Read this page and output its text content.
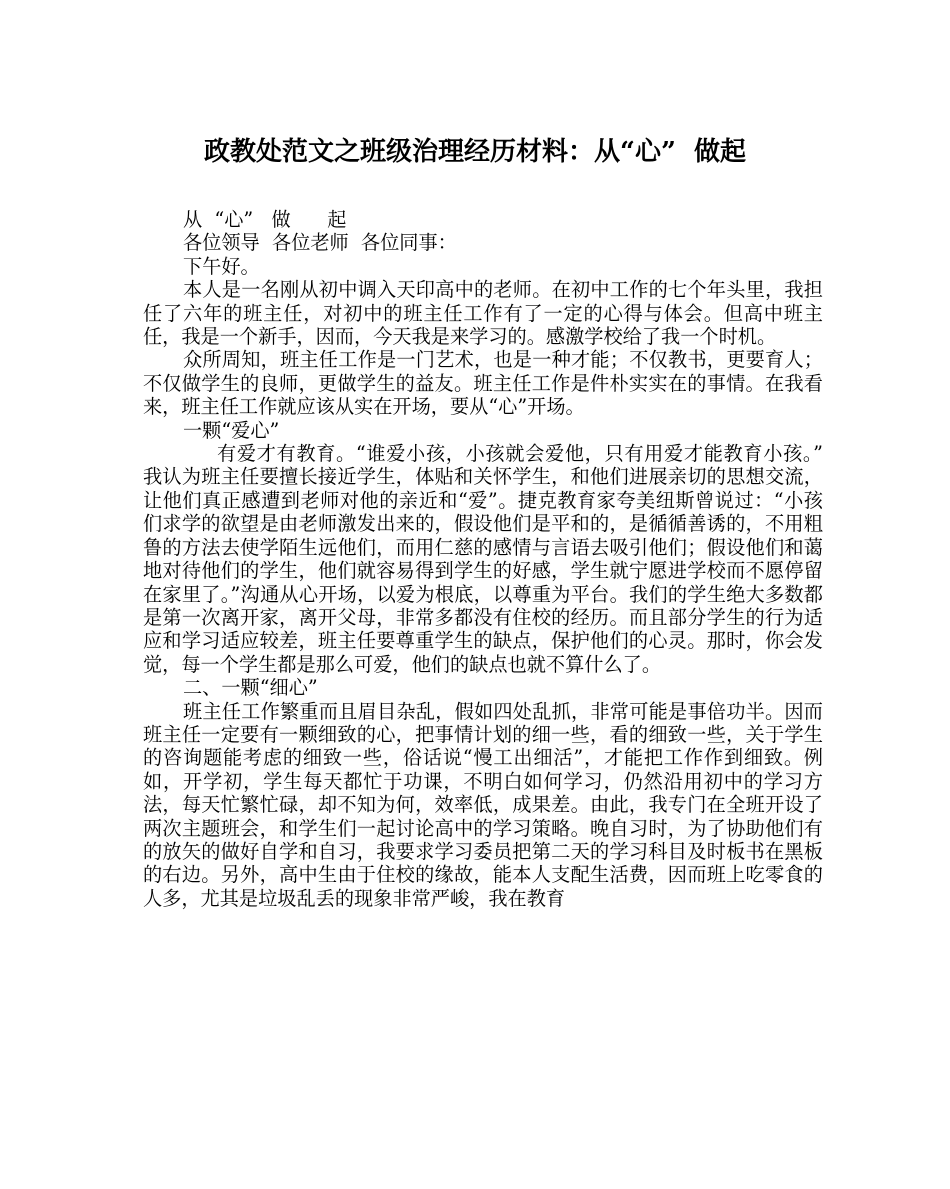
政教处范文之班级治理经历材料：从“心”  做起

从  “心”   做      起

各位领导  各位老师  各位同事：

下午好。

本人是一名刚从初中调入天印高中的老师。在初中工作的七个年头里，我担任了六年的班主任，对初中的班主任工作有了一定的心得与体会。但高中班主任，我是一个新手，因而，今天我是来学习的。感激学校给了我一个时机。

众所周知，班主任工作是一门艺术，也是一种才能；不仅教书，更要育人；不仅做学生的良师，更做学生的益友。班主任工作是件朴实实在的事情。在我看来，班主任工作就应该从实在开场，要从“心”开场。

一颗“爱心”

有爱才有教育。“谁爱小孩，小孩就会爱他，只有用爱才能教育小孩。”   我认为班主任要擅长接近学生，体贴和关怀学生，和他们进展亲切的思想交流，让他们真正感遭到老师对他的亲近和“爱”。捷克教育家夸美纽斯曾说过：“小孩们求学的欲望是由老师激发出来的，假设他们是平和的，是循循善诱的，不用粗鲁的方法去使学陌生远他们，而用仁慈的感情与言语去吸引他们；假设他们和蔼地对待他们的学生，他们就容易得到学生的好感，学生就宁愿进学校而不愿停留在家里了。”沟通从心开场，以爱为根底，以尊重为平台。我们的学生绝大多数都是第一次离开家，离开父母，非常多都没有住校的经历。而且部分学生的行为适应和学习适应较差，班主任要尊重学生的缺点，保护他们的心灵。那时，你会发觉，每一个学生都是那么可爱，他们的缺点也就不算什么了。

二、一颗“细心”

班主任工作繁重而且眉目杂乱，假如四处乱抓，非常可能是事倍功半。因而班主任一定要有一颗细致的心，把事情计划的细一些，看的细致一些，关于学生的咨询题能考虑的细致一些，俗话说“慢工出细活”，才能把工作作到细致。例如，开学初，学生每天都忙于功课，不明白如何学习，仍然沿用初中的学习方法，每天忙繁忙碌，却不知为何，效率低，成果差。由此，我专门在全班开设了两次主题班会，和学生们一起讨论高中的学习策略。晚自习时，为了协助他们有的放矢的做好自学和自习，我要求学习委员把第二天的学习科目及时板书在黑板的右边。另外，高中生由于住校的缘故，能本人支配生活费，因而班上吃零食的人多，尤其是垃圾乱丢的现象非常严峻，我在教育
